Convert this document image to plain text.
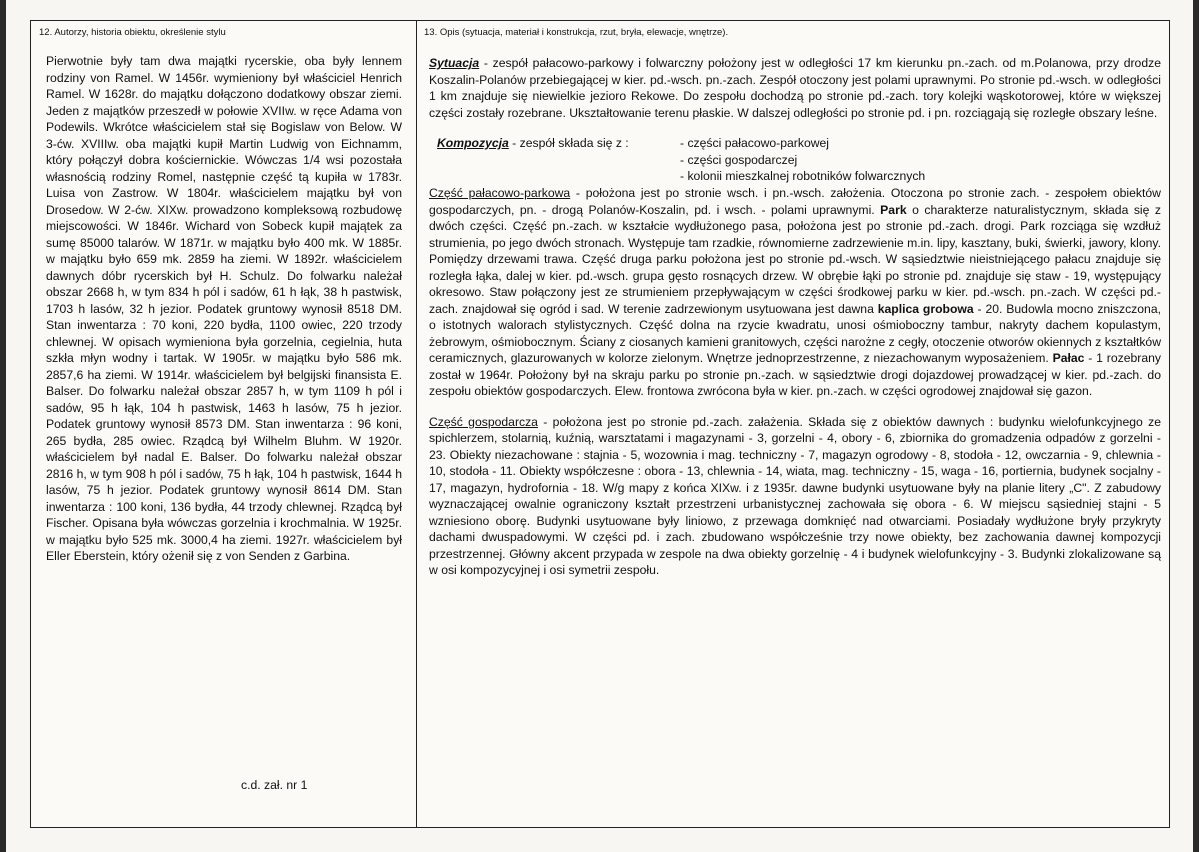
12. Autorzy, historia obiektu, określenie stylu	13. Opis (sytuacja, materiał i konstrukcja, rzut, bryła, elewacje, wnętrze).

Pierwotnie były tam dwa majątki rycerskie, oba były lennem rodziny von Ramel. W 1456r. wymieniony był właściciel Henrich Ramel. W 1628r. do majątku dołączono dodatkowy obszar ziemi. Jeden z majątków przeszedł w połowie XVIIw. w ręce Adama von Podewils. Wkrótce właścicielem stał się Bogislaw von Below. W 3-ćw. XVIIIw. oba majątki kupił Martin Ludwig von Eichnamm, który połączył dobra kościernickie. Wówczas 1/4 wsi pozostała własnością rodziny Romel, następnie część tą kupiła w 1783r. Luisa von Zastrow. W 1804r. właścicielem majątku był von Drosedow. W 2-ćw. XIXw. prowadzono kompleksową rozbudowę miejscowości. W 1846r. Wichard von Sobeck kupił majątek za sumę 85000 talarów. W 1871r. w majątku było 400 mk. W 1885r. w majątku było 659 mk. 2859 ha ziemi. W 1892r. właścicielem dawnych dóbr rycerskich był H. Schulz. Do folwarku należał obszar 2668 h, w tym 834 h pól i sadów, 61 h łąk, 38 h pastwisk, 1703 h lasów, 32 h jezior. Podatek gruntowy wynosił 8518 DM. Stan inwentarza : 70 koni, 220 bydła, 1100 owiec, 220 trzody chlewnej. W opisach wymieniona była gorzelnia, cegielnia, huta szkła młyn wodny i tartak. W 1905r. w majątku było 586 mk. 2857,6 ha ziemi. W 1914r. właścicielem był belgijski finansista E. Balser. Do folwarku należał obszar 2857 h, w tym 1109 h pól i sadów, 95 h łąk, 104 h pastwisk, 1463 h lasów, 75 h jezior. Podatek gruntowy wynosił 8573 DM. Stan inwentarza : 96 koni, 265 bydła, 285 owiec. Rządcą był Wilhelm Bluhm. W 1920r. właścicielem był nadal E. Balser. Do folwarku należał obszar 2816 h, w tym 908 h pól i sadów, 75 h łąk, 104 h pastwisk, 1644 h lasów, 75 h jezior. Podatek gruntowy wynosił 8614 DM. Stan inwentarza : 100 koni, 136 bydła, 44 trzody chlewnej. Rządcą był Fischer. Opisana była wówczas gorzelnia i krochmalnia. W 1925r. w majątku było 525 mk. 3000,4 ha ziemi. 1927r. właścicielem był Eller Eberstein, który ożenił się z von Senden z Garbina.

c.d. zał. nr 1

Sytuacja - zespół pałacowo-parkowy i folwarczny położony jest w odległości 17 km kierunku pn.-zach. od m.Polanowa, przy drodze Koszalin-Polanów przebiegającej w kier. pd.-wsch. pn.-zach. Zespół otoczony jest polami uprawnymi. Po stronie pd.-wsch. w odległości 1 km znajduje się niewielkie jezioro Rekowe. Do zespołu dochodzą po stronie pd.-zach. tory kolejki wąskotorowej, które w większej części zostały rozebrane. Ukształtowanie terenu płaskie. W dalszej odległości po stronie pd. i pn. rozciągają się rozległe obszary leśne.

Kompozycja - zespół składa się z :	- części pałacowo-parkowej
- części gospodarczej
- kolonii mieszkalnej robotników folwarcznych

Część pałacowo-parkowa - położona jest po stronie wsch. i pn.-wsch. założenia. Otoczona po stronie zach. - zespołem obiektów gospodarczych, pn. - drogą Polanów-Koszalin, pd. i wsch. - polami uprawnymi. Park o charakterze naturalistycznym, składa się z dwóch części. Część pn.-zach. w kształcie wydłużonego pasa, położona jest po stronie pd.-zach. drogi. Park rozciąga się wzdłuż strumienia, po jego dwóch stronach. Występuje tam rzadkie, równomierne zadrzewienie m.in. lipy, kasztany, buki, świerki, jawory, klony. Pomiędzy drzewami trawa. Część druga parku położona jest po stronie pd.-wsch. W sąsiedztwie nieistniejącego pałacu znajduje się rozległa łąka, dalej w kier. pd.-wsch. grupa gęsto rosnących drzew. W obrębie łąki po stronie pd. znajduje się staw - 19, występujący okresowo. Staw połączony jest ze strumieniem przepływającym w części środkowej parku w kier. pd.-wsch. pn.-zach. W części pd.-zach. znajdował się ogród i sad. W terenie zadrzewionym usytuowana jest dawna kaplica grobowa - 20. Budowla mocno zniszczona, o istotnych walorach stylistycznych. Część dolna na rzycie kwadratu, unosi ośmioboczny tambur, nakryty dachem kopulastym, żebrowym, ośmiobocznym. Ściany z ciosanych kamieni granitowych, części narożne z cegły, otoczenie otworów okiennych z kształtków ceramicznych, glazurowanych w kolorze zielonym. Wnętrze jednoprzestrzenne, z niezachowanym wyposażeniem. Pałac - 1 rozebrany został w 1964r. Położony był na skraju parku po stronie pn.-zach. w sąsiedztwie drogi dojazdowej prowadzącej w kier. pd.-zach. do zespołu obiektów gospodarczych. Elew. frontowa zwrócona była w kier. pn.-zach. w części ogrodowej znajdował się gazon.

Część gospodarcza - położona jest po stronie pd.-zach. załażenia. Składa się z obiektów dawnych : budynku wielofunkcyjnego ze spichlerzem, stolarnią, kuźnią, warsztatami i magazynami - 3, gorzelni - 4, obory - 6, zbiornika do gromadzenia odpadów z gorzelni - 23. Obiekty niezachowane : stajnia - 5, wozownia i mag. techniczny - 7, magazyn ogrodowy - 8, stodoła - 12, owczarnia - 9, chlewnia - 10, stodoła - 11. Obiekty współczesne : obora - 13, chlewnia - 14, wiata, mag. techniczny - 15, waga - 16, portiernia, budynek socjalny - 17, magazyn, hydrofornia - 18. W/g mapy z końca XIXw. i z 1935r. dawne budynki usytuowane były na planie litery „C". Z zabudowy wyznaczającej owalnie ograniczony kształt przestrzeni urbanistycznej zachowała się obora - 6. W miejscu sąsiedniej stajni - 5 wzniesiono oborę. Budynki usytuowane były liniowo, z przewaga domknięć nad otwarciami. Posiadały wydłużone bryły przykryty dachami dwuspadowymi. W części pd. i zach. zbudowano współcześnie trzy nowe obiekty, bez zachowania dawnej kompozycji przestrzennej. Główny akcent przypada w zespole na dwa obiekty gorzelnię - 4 i budynek wielofunkcyjny - 3. Budynki zlokalizowane są w osi kompozycyjnej i osi symetrii zespołu.
